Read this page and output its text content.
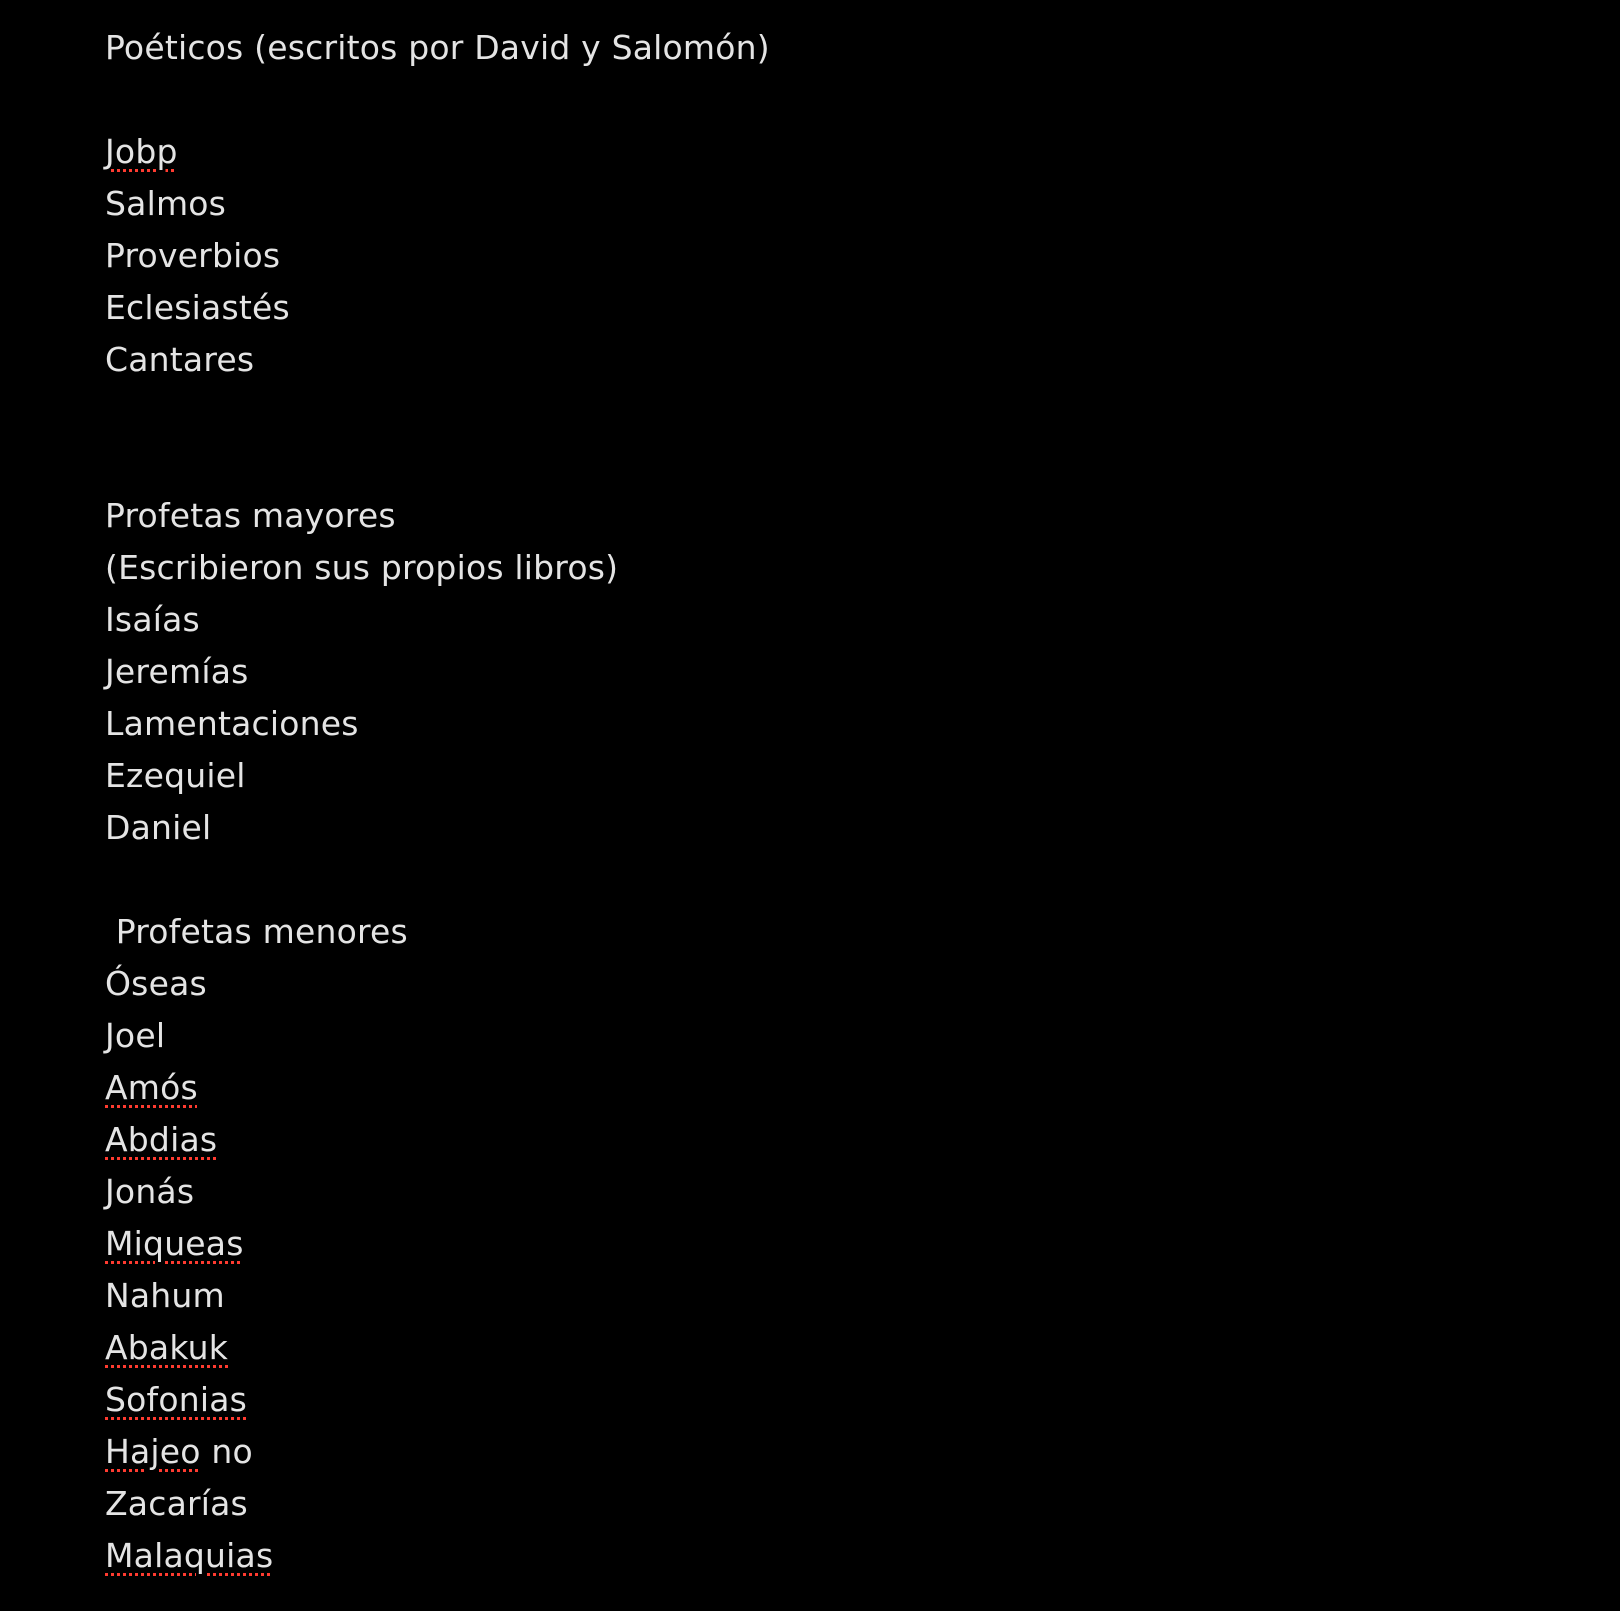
Poéticos (escritos por David y Salomón)
Jobp
Salmos
Proverbios
Eclesiastés
Cantares
Profetas mayores
(Escribieron sus propios libros)
Isaías
Jeremías
Lamentaciones
Ezequiel
Daniel
Profetas menores
Óseas
Joel
Amós
Abdias
Jonás
Miqueas
Nahum
Abakuk
Sofonias
Hajeo no
Zacarías
Malaquias
